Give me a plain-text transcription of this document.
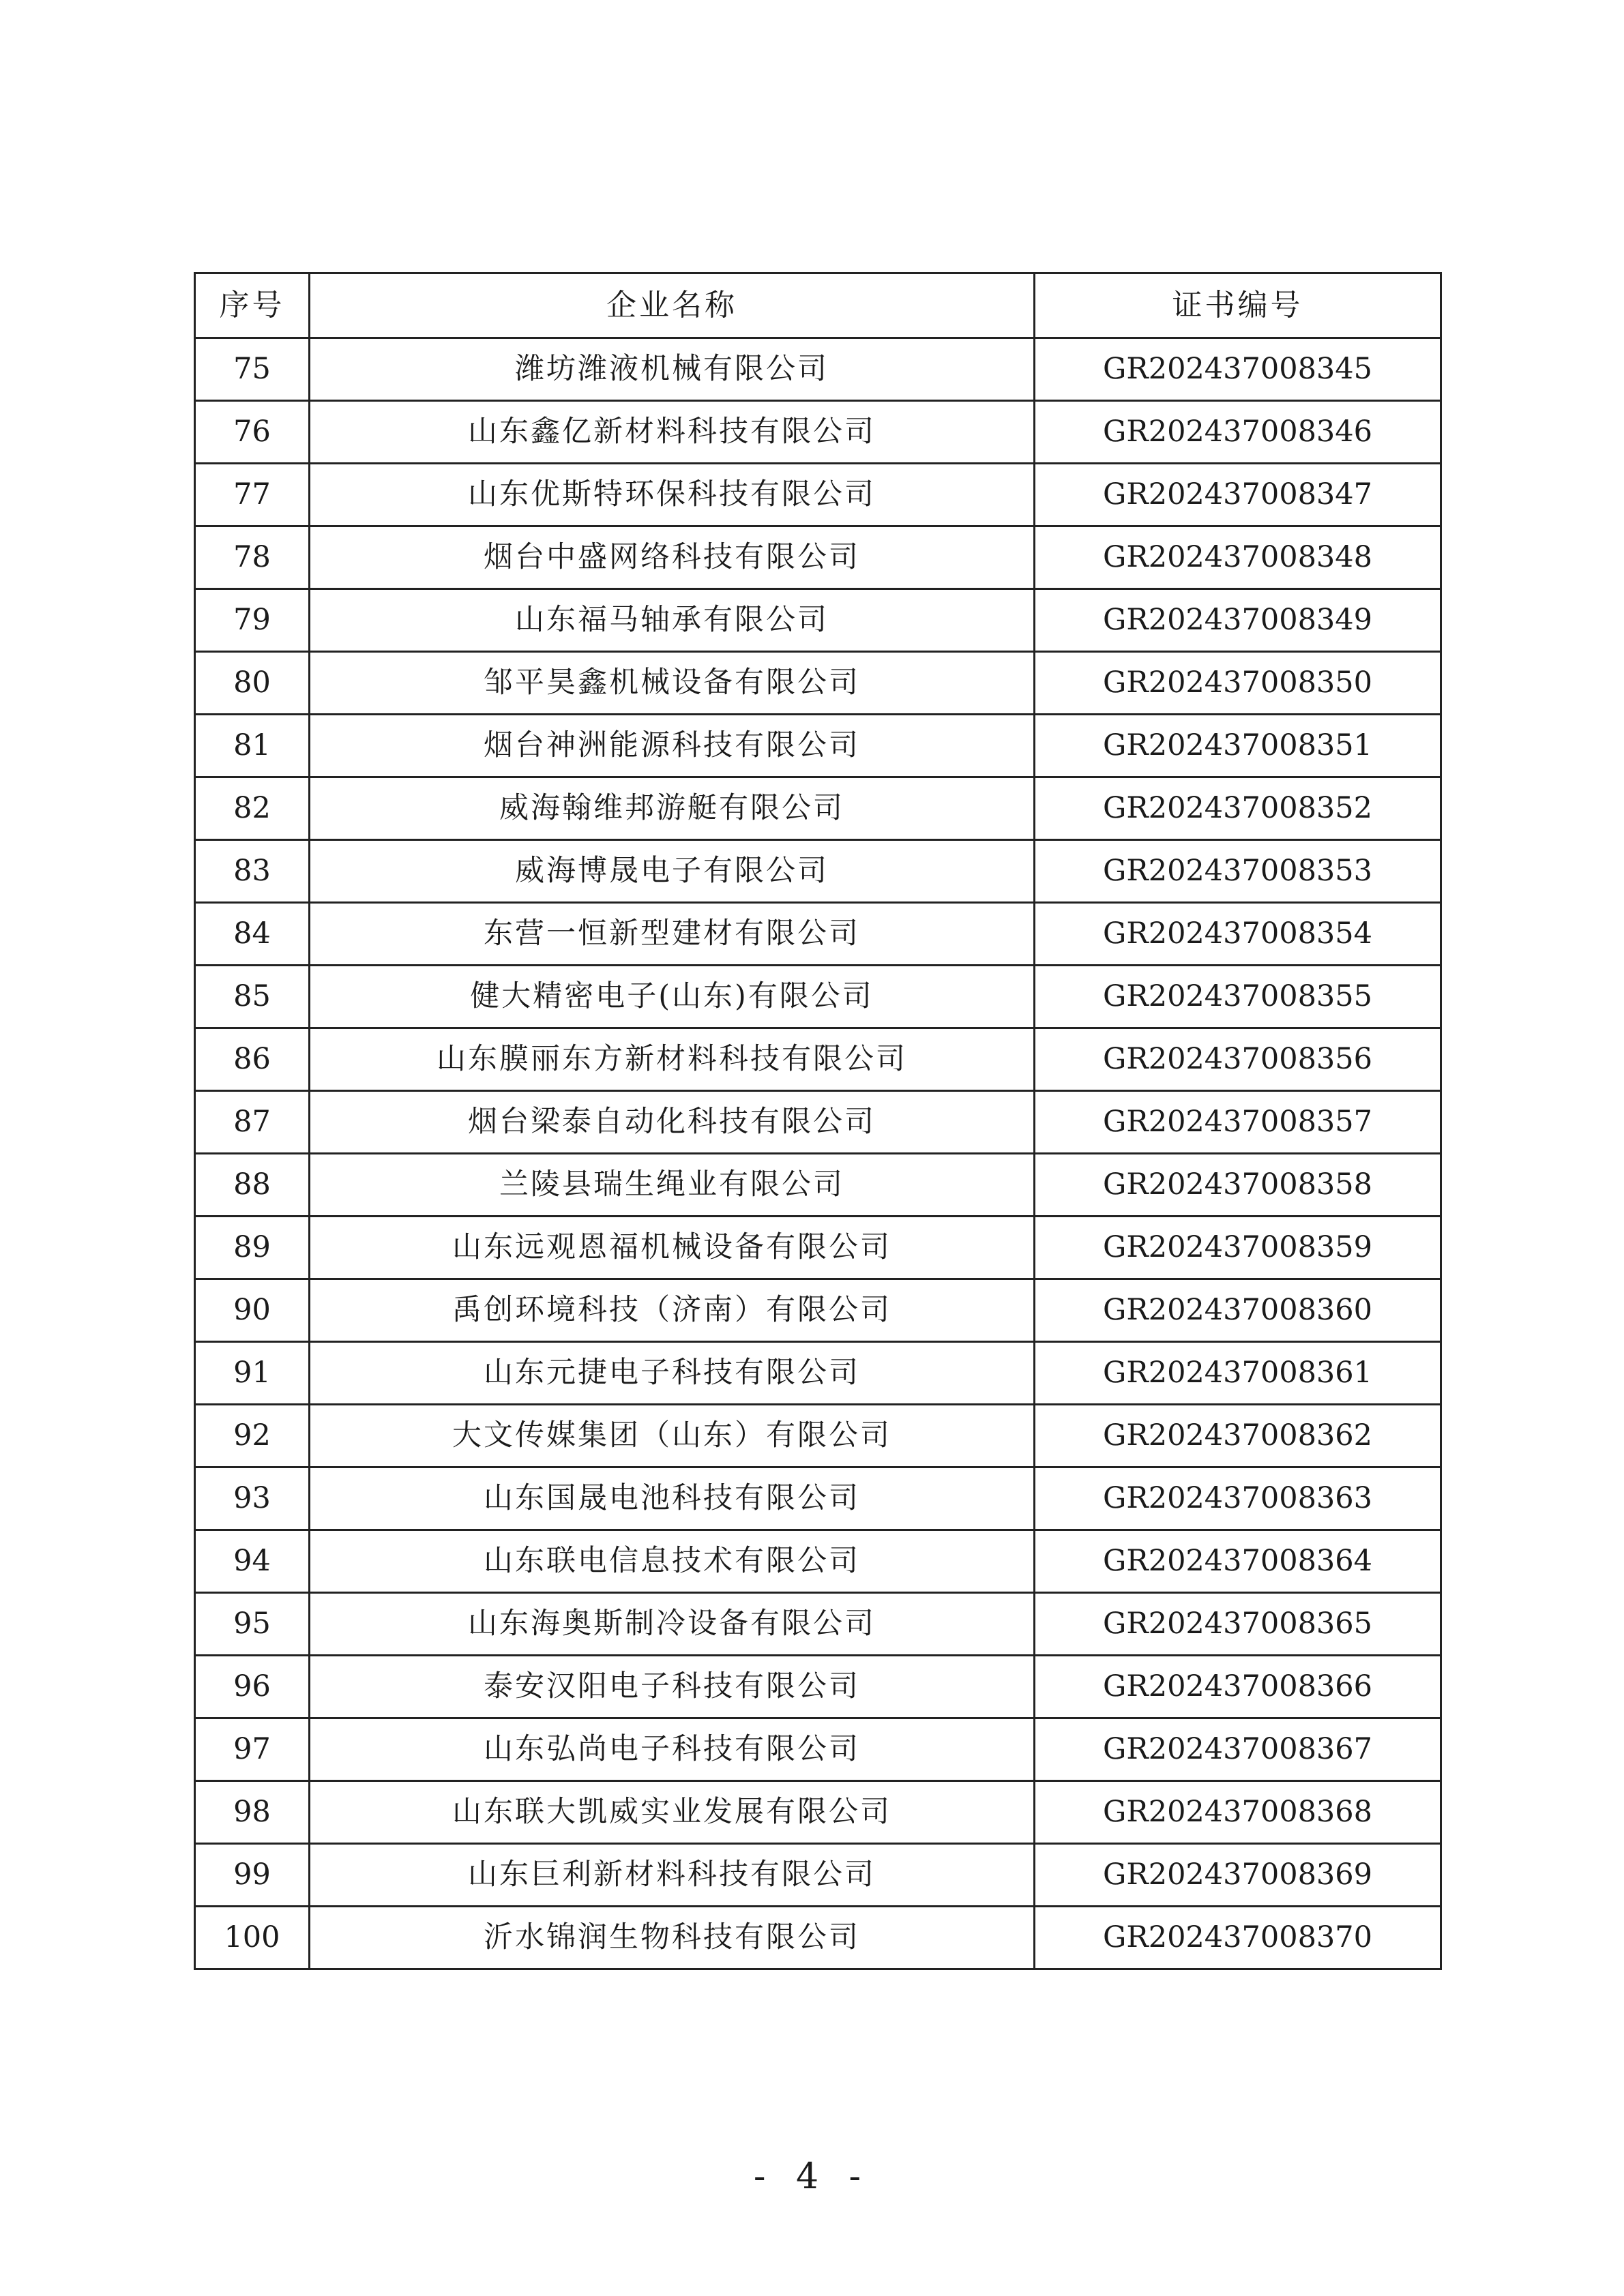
序号	企业名称	证书编号
75	潍坊潍液机械有限公司	GR202437008345
76	山东鑫亿新材料科技有限公司	GR202437008346
77	山东优斯特环保科技有限公司	GR202437008347
78	烟台中盛网络科技有限公司	GR202437008348
79	山东福马轴承有限公司	GR202437008349
80	邹平昊鑫机械设备有限公司	GR202437008350
81	烟台神洲能源科技有限公司	GR202437008351
82	威海翰维邦游艇有限公司	GR202437008352
83	威海博晟电子有限公司	GR202437008353
84	东营一恒新型建材有限公司	GR202437008354
85	健大精密电子(山东)有限公司	GR202437008355
86	山东膜丽东方新材料科技有限公司	GR202437008356
87	烟台梁泰自动化科技有限公司	GR202437008357
88	兰陵县瑞生绳业有限公司	GR202437008358
89	山东远观恩福机械设备有限公司	GR202437008359
90	禹创环境科技（济南）有限公司	GR202437008360
91	山东元捷电子科技有限公司	GR202437008361
92	大文传媒集团（山东）有限公司	GR202437008362
93	山东国晟电池科技有限公司	GR202437008363
94	山东联电信息技术有限公司	GR202437008364
95	山东海奥斯制冷设备有限公司	GR202437008365
96	泰安汉阳电子科技有限公司	GR202437008366
97	山东弘尚电子科技有限公司	GR202437008367
98	山东联大凯威实业发展有限公司	GR202437008368
99	山东巨利新材料科技有限公司	GR202437008369
100	沂水锦润生物科技有限公司	GR202437008370
- 4 -
